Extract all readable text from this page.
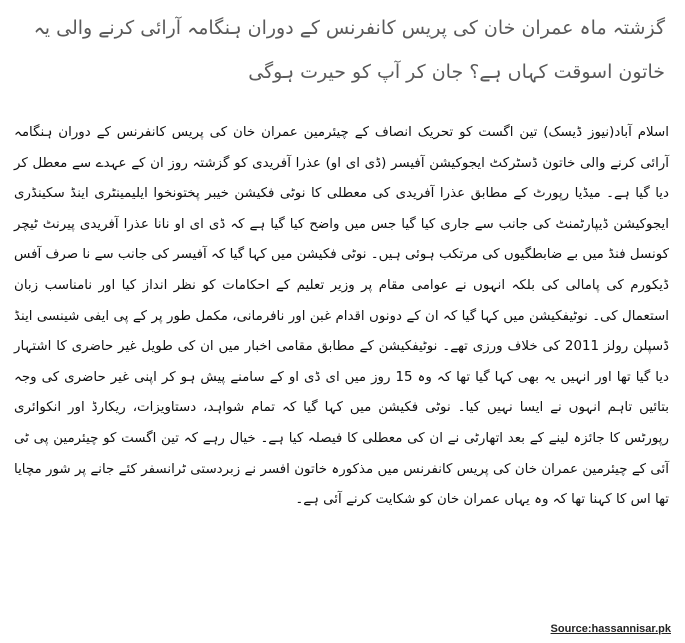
گزشتہ ماہ عمران خان کی پریس کانفرنس کے دوران ہنگامہ آرائی کرنے والی یہ خاتون اسوقت کہاں ہے؟ جان کر آپ کو حیرت ہوگی
اسلام آباد(نیوز ڈیسک) تین اگست کو تحریک انصاف کے چیئرمین عمران خان کی پریس کانفرنس کے دوران ہنگامہ آرائی کرنے والی خاتون ڈسٹرکٹ ایجوکیشن آفیسر (ڈی ای او) عذرا آفریدی کو گزشتہ روز ان کے عہدے سے معطل کر دیا گیا ہے۔ میڈیا رپورٹ کے مطابق عذرا آفریدی کی معطلی کا نوٹی فکیشن خیبر پختونخوا ایلیمینٹری اینڈ سکینڈری ایجوکیشن ڈیپارٹمنٹ کی جانب سے جاری کیا گیا جس میں واضح کیا گیا ہے کہ ڈی ای او نانا عذرا آفریدی پیرنٹ ٹیچر کونسل فنڈ میں بے ضابطگیوں کی مرتکب ہوئی ہیں۔ نوٹی فکیشن میں کہا گیا کہ آفیسر کی جانب سے نا صرف آفس ڈیکورم کی پامالی کی بلکہ انہوں نے عوامی مقام پر وزیر تعلیم کے احکامات کو نظر انداز کیا اور نامناسب زبان استعمال کی۔ نوٹیفکیشن میں کہا گیا کہ ان کے دونوں اقدام غبن اور نافرمانی، مکمل طور پر کے پی ایفی شینسی اینڈ ڈسپلن رولز 2011 کی خلاف ورزی تھے۔ نوٹیفکیشن کے مطابق مقامی اخبار میں ان کی طویل غیر حاضری کا اشتہار دیا گیا تھا اور انہیں یہ بھی کہا گیا تھا کہ وہ 15 روز میں ای ڈی او کے سامنے پیش ہو کر اپنی غیر حاضری کی وجہ بتائیں تاہم انہوں نے ایسا نہیں کیا۔ نوٹی فکیشن میں کہا گیا کہ تمام شواہد، دستاویزات، ریکارڈ اور انکوائری رپورٹس کا جائزہ لینے کے بعد اتھارٹی نے ان کی معطلی کا فیصلہ کیا ہے۔ خیال رہے کہ تین اگست کو چیئرمین پی ٹی آئی کے چیئرمین عمران خان کی پریس کانفرنس میں مذکورہ خاتون افسر نے زبردستی ٹرانسفر کئے جانے پر شور مچایا تھا اس کا کہنا تھا کہ وہ یہاں عمران خان کو شکایت کرنے آئی ہے۔
Source:hassannisar.pk
